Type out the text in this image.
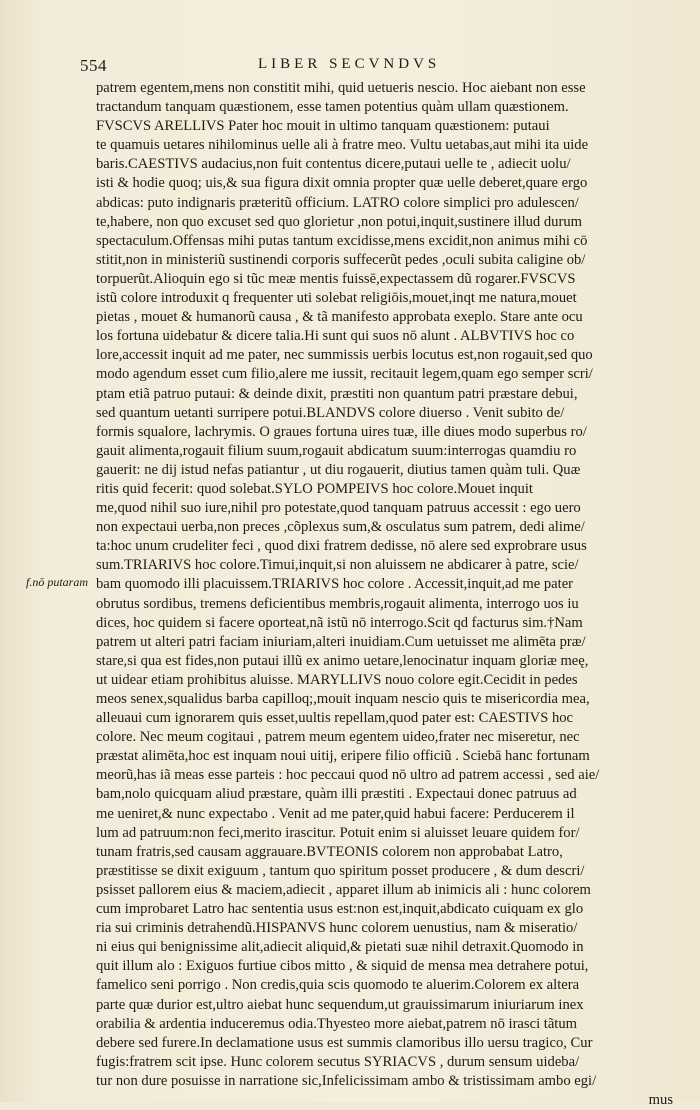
554	LIBER SECVNDVS
f.nō putaram
patrem egentem,mens non constitit mihi, quid uetueris nescio. Hoc aiebant non esse
tractandum tanquam quæstionem, esse tamen potentius quàm ullam quæstionem.
FVSCVS ARELLIVS Pater hoc mouit in ultimo tanquam quæstionem: putaui
te quamuis uetares nihilominus uelle ali à fratre meo. Vultu uetabas,aut mihi ita uide
baris.CAESTIVS audacius,non fuit contentus dicere,putaui uelle te , adiecit uolu/
isti & hodie quoq; uis,& sua figura dixit omnia propter quæ uelle deberet,quare ergo
abdicas: puto indignaris præteritũ officium. LATRO colore simplici pro adulescen/
te,habere, non quo excuset sed quo glorietur ,non potui,inquit,sustinere illud durum
spectaculum.Offensas mihi putas tantum excidisse,mens excidit,non animus mihi cō
stitit,non in ministeriũ sustinendi corporis suffecerũt pedes ,oculi subita caligine ob/
torpuerũt.Alioquin ego si tũc meæ mentis fuissē,expectassem dũ rogarer.FVSCVS
istũ colore introduxit q frequenter uti solebat religiōis,mouet,inqt me natura,mouet
pietas , mouet & humanorũ causa , & tã manifesto approbata exeplo. Stare ante ocu
los fortuna uidebatur & dicere talia.Hi sunt qui suos nō alunt . ALBVTIVS hoc co
lore,accessit inquit ad me pater, nec summissis uerbis locutus est,non rogauit,sed quo
modo agendum esset cum filio,alere me iussit, recitauit legem,quam ego semper scri/
ptam etiã patruo putaui: & deinde dixit, præstiti non quantum patri præstare debui,
sed quantum uetanti surripere potui.BLANDVS colore diuerso . Venit subito de/
formis squalore, lachrymis. O graues fortuna uires tuæ, ille diues modo superbus ro/
gauit alimenta,rogauit filium suum,rogauit abdicatum suum:interrogas quamdiu ro
gauerit: ne dij istud nefas patiantur , ut diu rogauerit, diutius tamen quàm tuli. Quæ
ritis quid fecerit: quod solebat.SYLO POMPEIVS hoc colore.Mouet inquit
me,quod nihil suo iure,nihil pro potestate,quod tanquam patruus accessit : ego uero
non expectaui uerba,non preces ,cõplexus sum,& osculatus sum patrem, dedi alime/
ta:hoc unum crudeliter feci , quod dixi fratrem dedisse, nō alere sed exprobrare usus
sum.TRIARIVS hoc colore.Timui,inquit,si non aluissem ne abdicarer à patre, scie/
bam quomodo illi placuissem.TRIARIVS hoc colore . Accessit,inquit,ad me pater
obrutus sordibus, tremens deficientibus membris,rogauit alimenta, interrogo uos iu
dices, hoc quidem si facere oporteat,nã istũ nō interrogo.Scit qd facturus sim.†Nam
patrem ut alteri patri faciam iniuriam,alteri inuidiam.Cum uetuisset me alimēta præ/
stare,si qua est fides,non putaui illũ ex animo uetare,lenocinatur inquam gloriæ meę,
ut uidear etiam prohibitus aluisse. MARYLLIVS nouo colore egit.Cecidit in pedes
meos senex,squalidus barba capilloq;,mouit inquam nescio quis te misericordia mea,
alleuaui cum ignorarem quis esset,uultis repellam,quod pater est: CAESTIVS hoc
colore. Nec meum cogitaui , patrem meum egentem uideo,frater nec miseretur, nec
præstat alimēta,hoc est inquam noui uitij, eripere filio officiũ . Sciebā hanc fortunam
meorũ,has iã meas esse parteis : hoc peccaui quod nō ultro ad patrem accessi , sed aie/
bam,nolo quicquam aliud præstare, quàm illi præstiti . Expectaui donec patruus ad
me ueniret,& nunc expectabo . Venit ad me pater,quid habui facere: Perducerem il
lum ad patruum:non feci,merito irascitur. Potuit enim si aluisset leuare quidem for/
tunam fratris,sed causam aggrauare.BVTEONIS colorem non approbabat Latro,
præstitisse se dixit exiguum , tantum quo spiritum posset producere , & dum descri/
psisset pallorem eius & maciem,adiecit , apparet illum ab inimicis ali : hunc colorem
cum improbaret Latro hac sententia usus est:non est,inquit,abdicato cuiquam ex glo
ria sui criminis detrahendũ.HISPANVS hunc colorem uenustius, nam & miseratio/
ni eius qui benignissime alit,adiecit aliquid,& pietati suæ nihil detraxit.Quomodo in
quit illum alo : Exiguos furtiue cibos mitto , & siquid de mensa mea detrahere potui,
famelico seni porrigo . Non credis,quia scis quomodo te aluerim.Colorem ex altera
parte quæ durior est,ultro aiebat hunc sequendum,ut grauissimarum iniuriarum inex
orabilia & ardentia induceremus odia.Thyesteo more aiebat,patrem nō irasci tãtum
debere sed furere.In declamatione usus est summis clamoribus illo uersu tragico, Cur
fugis:fratrem scit ipse. Hunc colorem secutus SYRIACVS , durum sensum uideba/
tur non dure posuisse in narratione sic,Infelicissimam ambo & tristissimam ambo egi/
mus
